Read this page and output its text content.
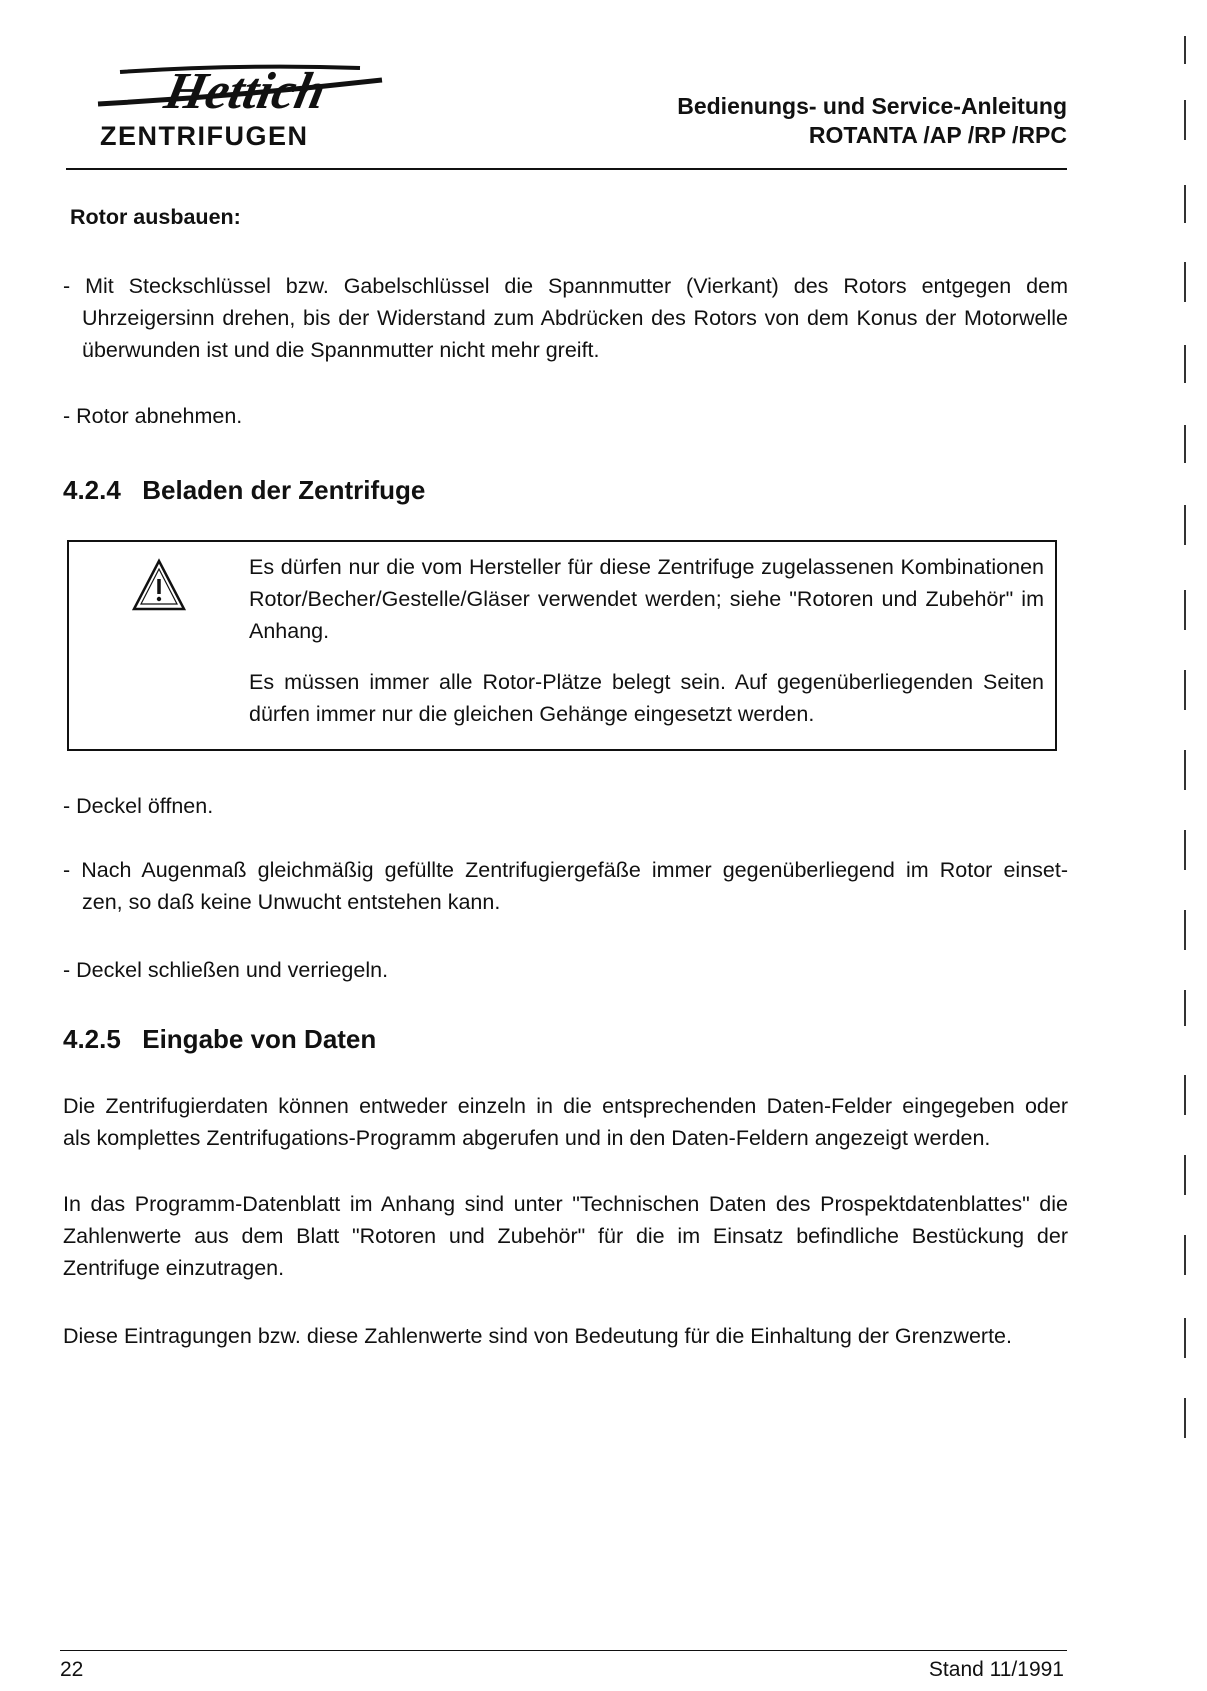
Hettich
ZENTRIFUGEN
Bedienungs- und Service-Anleitung
ROTANTA /AP /RP /RPC
Rotor ausbauen:
- Mit Steckschlüssel bzw. Gabelschlüssel die Spannmutter (Vierkant) des Rotors entgegen dem
Uhrzeigersinn drehen, bis der Widerstand zum Abdrücken des Rotors von dem Konus der Motorwelle
überwunden ist und die Spannmutter nicht mehr greift.
- Rotor abnehmen.
4.2.4 Beladen der Zentrifuge
Es dürfen nur die vom Hersteller für diese Zentrifuge zugelassenen Kombinationen Rotor/Becher/Gestelle/Gläser verwendet werden; siehe "Rotoren und Zubehör" im Anhang.
Es müssen immer alle Rotor-Plätze belegt sein. Auf gegenüberliegenden Seiten dürfen immer nur die gleichen Gehänge eingesetzt werden.
- Deckel öffnen.
- Nach Augenmaß gleichmäßig gefüllte Zentrifugiergefäße immer gegenüberliegend im Rotor einset-
zen, so daß keine Unwucht entstehen kann.
- Deckel schließen und verriegeln.
4.2.5 Eingabe von Daten
Die Zentrifugierdaten können entweder einzeln in die entsprechenden Daten-Felder eingegeben oder
als komplettes Zentrifugations-Programm abgerufen und in den Daten-Feldern angezeigt werden.
In das Programm-Datenblatt im Anhang sind unter "Technischen Daten des Prospektdatenblattes" die
Zahlenwerte aus dem Blatt "Rotoren und Zubehör" für die im Einsatz befindliche Bestückung der
Zentrifuge einzutragen.
Diese Eintragungen bzw. diese Zahlenwerte sind von Bedeutung für die Einhaltung der Grenzwerte.
22	Stand 11/1991
